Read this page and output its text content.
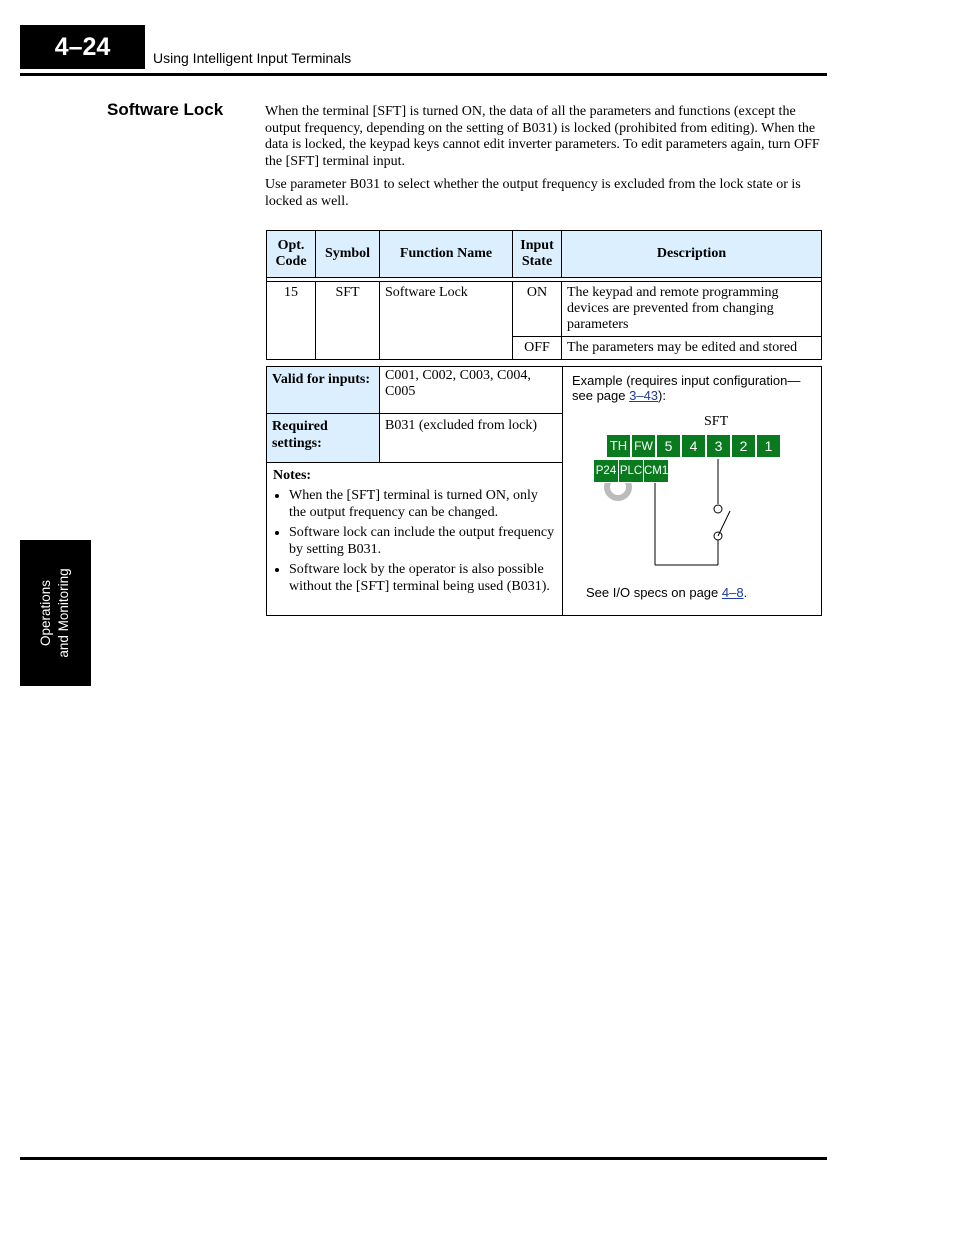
4–24	Using Intelligent Input Terminals
Operations and Monitoring
Software Lock	When the terminal [SFT] is turned ON, the data of all the parameters and functions (except the output frequency, depending on the setting of B031) is locked (prohibited from editing). When the data is locked, the keypad keys cannot edit inverter parameters. To edit parameters again, turn OFF the [SFT] terminal input.
Use parameter B031 to select whether the output frequency is excluded from the lock state or is locked as well.
Opt. Code	Symbol	Function Name	Input State	Description

15	SFT	Software Lock	ON	The keypad and remote programming devices are prevented from changing parameters
			OFF	The parameters may be edited and stored
Valid for inputs:	C001, C002, C003, C004, C005
Required settings:
B031 (excluded from lock)
Notes:
• When the [SFT] terminal is turned ON, only the output frequency can be changed.
• Software lock can include the output frequency by setting B031.
• Software lock by the operator is also possible without the [SFT] terminal being used (B031).
Example (requires input configuration—see page 3–43):
SFT
TH FW 5	4	3	2	1
P24 PLC CM1
See I/O specs on page 4–8.
